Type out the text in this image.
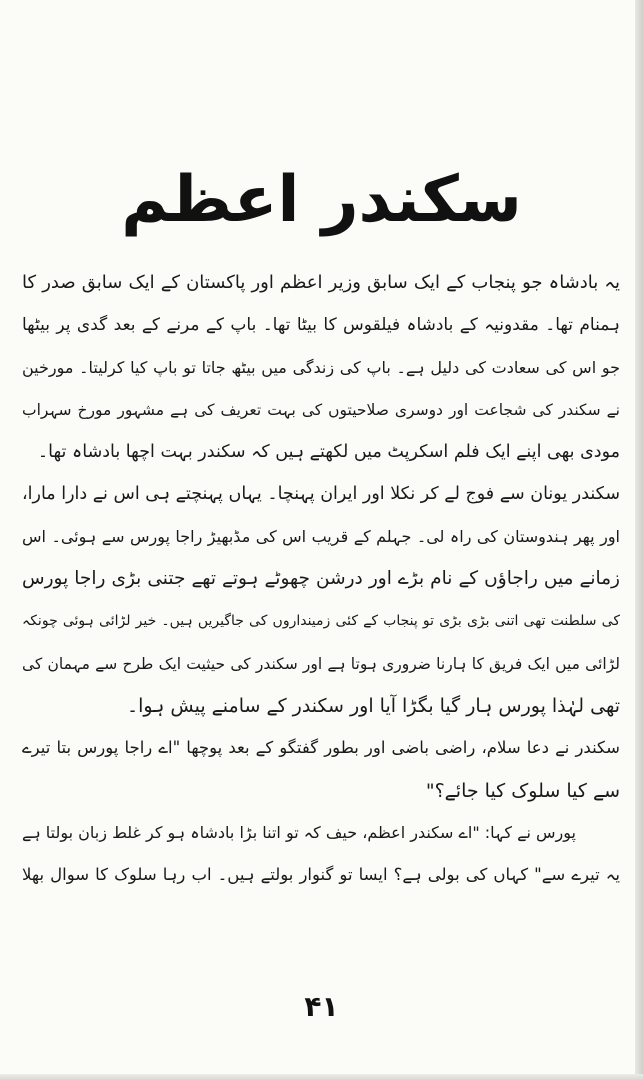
سکندر اعظم
یہ بادشاہ جو پنجاب کے ایک سابق وزیر اعظم اور پاکستان کے ایک سابق صدر کا
ہمنام تھا۔ مقدونیہ کے بادشاہ فیلقوس کا بیٹا تھا۔ باپ کے مرنے کے بعد گدی پر بیٹھا
جو اس کی سعادت کی دلیل ہے۔ باپ کی زندگی میں بیٹھ جاتا تو باپ کیا کرلیتا۔ مورخین
نے سکندر کی شجاعت اور دوسری صلاحیتوں کی بہت تعریف کی ہے مشہور مورخ سہراب
مودی بھی اپنے ایک فلم اسکرپٹ میں لکھتے ہیں کہ سکندر بہت اچھا بادشاہ تھا۔
سکندر یونان سے فوج لے کر نکلا اور ایران پہنچا۔ یہاں پہنچتے ہی اس نے دارا مارا،
اور پھر ہندوستان کی راہ لی۔ جہلم کے قریب اس کی مڈبھیڑ راجا پورس سے ہوئی۔ اس
زمانے میں راجاؤں کے نام بڑے اور درشن چھوٹے ہوتے تھے جتنی بڑی راجا پورس
کی سلطنت تھی اتنی بڑی بڑی تو پنجاب کے کئی زمینداروں کی جاگیریں ہیں۔ خیر لڑائی ہوئی چونکہ
لڑائی میں ایک فریق کا ہارنا ضروری ہوتا ہے اور سکندر کی حیثیت ایک طرح سے مہمان کی
تھی لہٰذا پورس ہار گیا بگڑا آیا اور سکندر کے سامنے پیش ہوا۔
سکندر نے دعا سلام، راضی باضی اور بطور گفتگو کے بعد پوچھا "اے راجا پورس بتا تیرے
سے کیا سلوک کیا جائے؟"
پورس نے کہا: "اے سکندر اعظم، حیف کہ تو اتنا بڑا بادشاہ ہو کر غلط زبان بولتا ہے
یہ تیرے سے" کہاں کی بولی ہے؟ ایسا تو گنوار بولتے ہیں۔ اب رہا سلوک کا سوال بھلا
۴۱
